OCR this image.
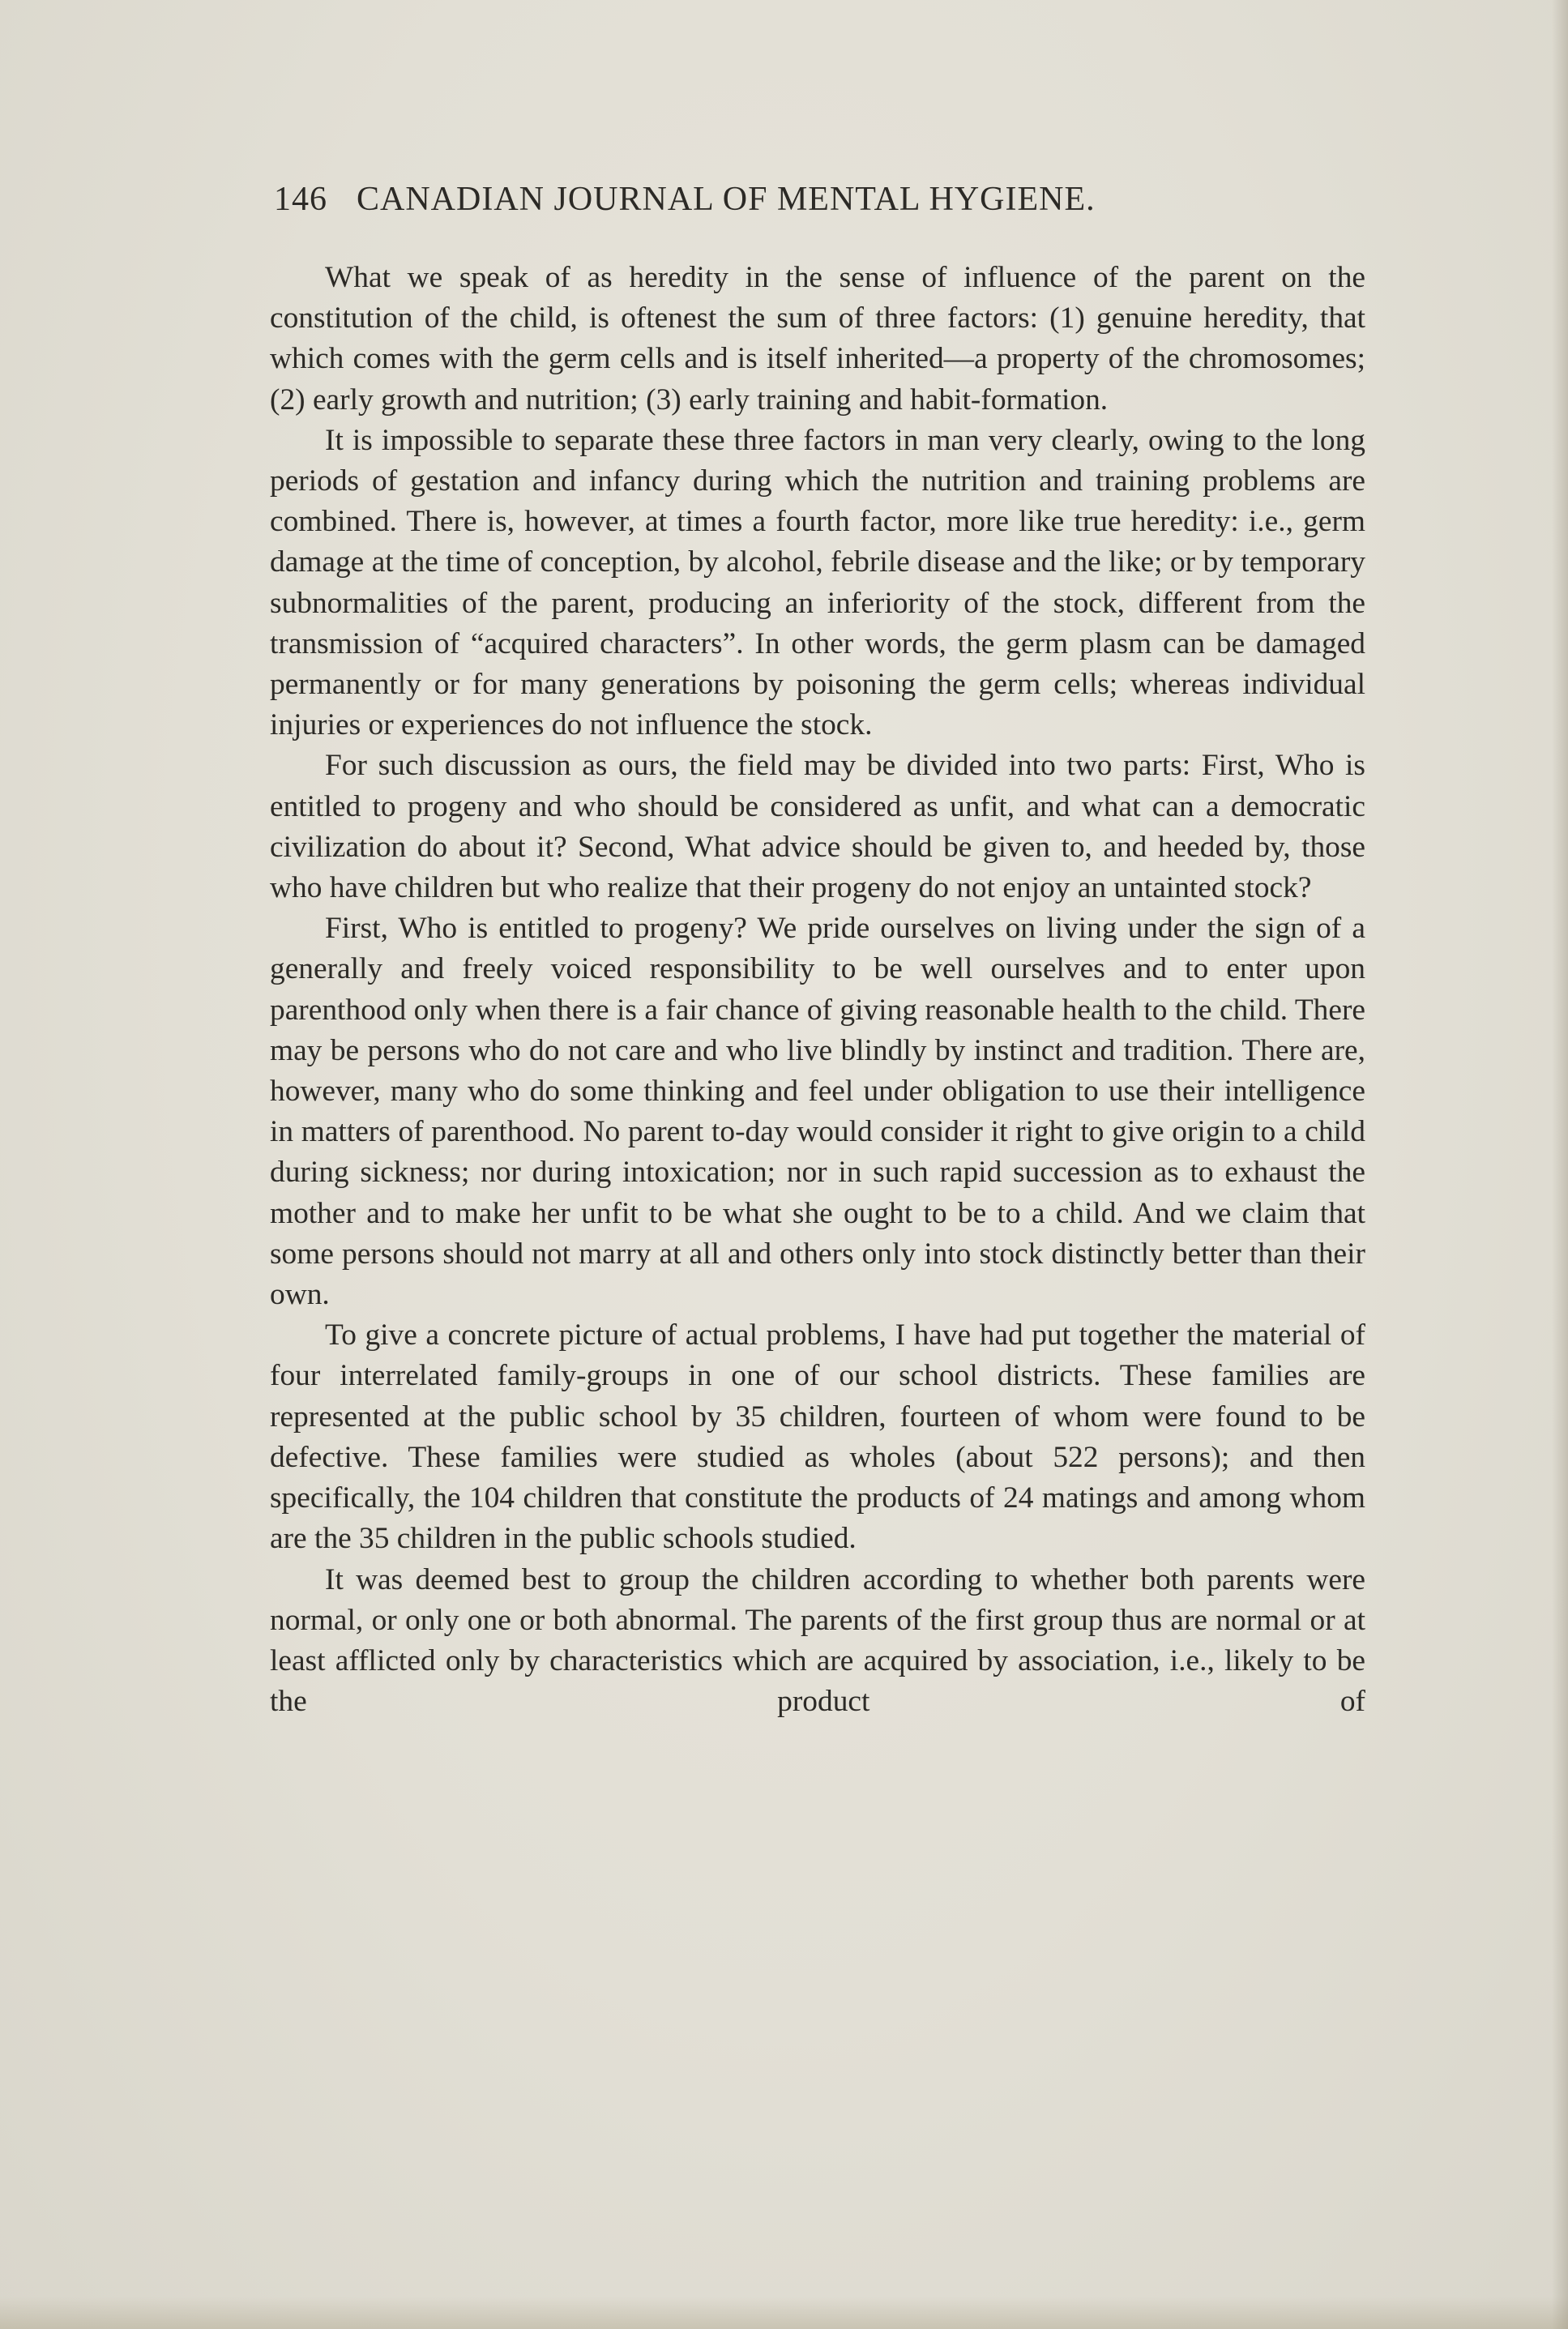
146 CANADIAN JOURNAL OF MENTAL HYGIENE.

What we speak of as heredity in the sense of influence of the parent on the constitution of the child, is oftenest the sum of three factors: (1) genuine heredity, that which comes with the germ cells and is itself inherited—a property of the chromosomes; (2) early growth and nutrition; (3) early training and habit-formation.

It is impossible to separate these three factors in man very clearly, owing to the long periods of gestation and infancy during which the nutrition and training problems are combined. There is, however, at times a fourth factor, more like true heredity: i.e., germ damage at the time of conception, by alcohol, febrile disease and the like; or by temporary subnormalities of the parent, producing an inferiority of the stock, different from the transmission of “acquired characters”. In other words, the germ plasm can be damaged permanently or for many generations by poisoning the germ cells; whereas individual injuries or experiences do not influence the stock.

For such discussion as ours, the field may be divided into two parts: First, Who is entitled to progeny and who should be considered as unfit, and what can a democratic civilization do about it? Second, What advice should be given to, and heeded by, those who have children but who realize that their progeny do not enjoy an untainted stock?

First, Who is entitled to progeny? We pride ourselves on living under the sign of a generally and freely voiced responsibility to be well ourselves and to enter upon parenthood only when there is a fair chance of giving reasonable health to the child. There may be persons who do not care and who live blindly by instinct and tradition. There are, however, many who do some thinking and feel under obligation to use their intelligence in matters of parenthood. No parent to-day would consider it right to give origin to a child during sickness; nor during intoxication; nor in such rapid succession as to exhaust the mother and to make her unfit to be what she ought to be to a child. And we claim that some persons should not marry at all and others only into stock distinctly better than their own.

To give a concrete picture of actual problems, I have had put together the material of four interrelated family-groups in one of our school districts. These families are represented at the public school by 35 children, fourteen of whom were found to be defective. These families were studied as wholes (about 522 persons); and then specifically, the 104 children that constitute the products of 24 matings and among whom are the 35 children in the public schools studied.

It was deemed best to group the children according to whether both parents were normal, or only one or both abnormal. The parents of the first group thus are normal or at least afflicted only by characteristics which are acquired by association, i.e., likely to be the product of
